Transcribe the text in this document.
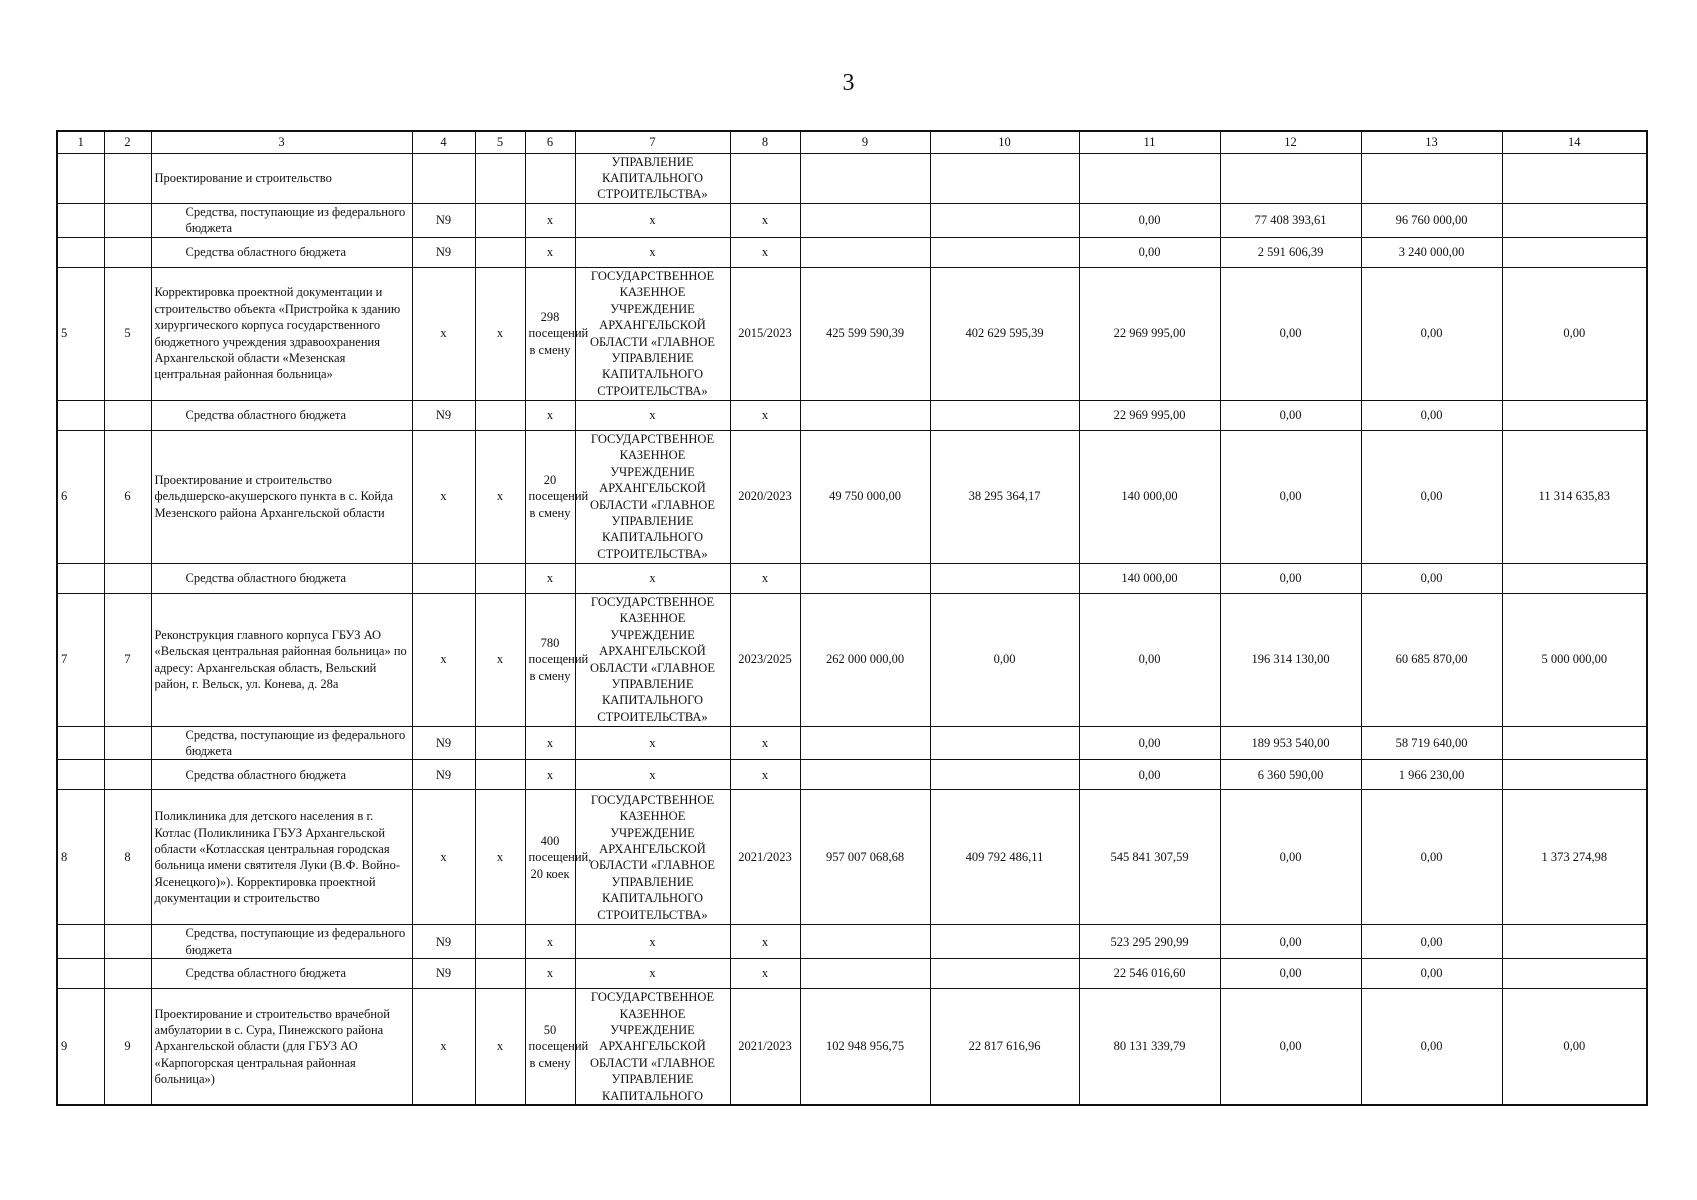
3
1	2	3	4	5	6	7	8	9	10	11	12	13	14
		Проектирование и строительство				УПРАВЛЕНИЕ КАПИТАЛЬНОГО СТРОИТЕЛЬСТВА»							
		Средства, поступающие из федерального бюджета	N9		x	x	x			0,00	77 408 393,61	96 760 000,00	
		Средства областного бюджета	N9		x	x	x			0,00	2 591 606,39	3 240 000,00	
5	5	Корректировка проектной документации и строительство объекта «Пристройка к зданию хирургического корпуса государственного бюджетного учреждения здравоохранения Архангельской области «Мезенская центральная районная больница»	x	x	298 посещений в смену	ГОСУДАРСТВЕННОЕ КАЗЕННОЕ УЧРЕЖДЕНИЕ АРХАНГЕЛЬСКОЙ ОБЛАСТИ «ГЛАВНОЕ УПРАВЛЕНИЕ КАПИТАЛЬНОГО СТРОИТЕЛЬСТВА»	2015/2023	425 599 590,39	402 629 595,39	22 969 995,00	0,00	0,00	0,00
		Средства областного бюджета	N9		x	x	x			22 969 995,00	0,00	0,00	
6	6	Проектирование и строительство фельдшерско-акушерского пункта в с. Койда Мезенского района Архангельской области	x	x	20 посещений в смену	ГОСУДАРСТВЕННОЕ КАЗЕННОЕ УЧРЕЖДЕНИЕ АРХАНГЕЛЬСКОЙ ОБЛАСТИ «ГЛАВНОЕ УПРАВЛЕНИЕ КАПИТАЛЬНОГО СТРОИТЕЛЬСТВА»	2020/2023	49 750 000,00	38 295 364,17	140 000,00	0,00	0,00	11 314 635,83
		Средства областного бюджета			x	x	x			140 000,00	0,00	0,00	
7	7	Реконструкция главного корпуса ГБУЗ АО «Вельская центральная районная больница» по адресу: Архангельская область, Вельский район, г. Вельск, ул. Конева, д. 28а	x	x	780 посещений в смену	ГОСУДАРСТВЕННОЕ КАЗЕННОЕ УЧРЕЖДЕНИЕ АРХАНГЕЛЬСКОЙ ОБЛАСТИ «ГЛАВНОЕ УПРАВЛЕНИЕ КАПИТАЛЬНОГО СТРОИТЕЛЬСТВА»	2023/2025	262 000 000,00	0,00	0,00	196 314 130,00	60 685 870,00	5 000 000,00
		Средства, поступающие из федерального бюджета	N9		x	x	x			0,00	189 953 540,00	58 719 640,00	
		Средства областного бюджета	N9		x	x	x			0,00	6 360 590,00	1 966 230,00	
8	8	Поликлиника для детского населения в г. Котлас (Поликлиника ГБУЗ Архангельской области «Котласская центральная городская больница имени святителя Луки (В.Ф. Войно-Ясенецкого)»). Корректировка проектной документации и строительство	x	x	400 посещений, 20 коек	ГОСУДАРСТВЕННОЕ КАЗЕННОЕ УЧРЕЖДЕНИЕ АРХАНГЕЛЬСКОЙ ОБЛАСТИ «ГЛАВНОЕ УПРАВЛЕНИЕ КАПИТАЛЬНОГО СТРОИТЕЛЬСТВА»	2021/2023	957 007 068,68	409 792 486,11	545 841 307,59	0,00	0,00	1 373 274,98
		Средства, поступающие из федерального бюджета	N9		x	x	x			523 295 290,99	0,00	0,00	
		Средства областного бюджета	N9		x	x	x			22 546 016,60	0,00	0,00	
9	9	Проектирование и строительство врачебной амбулатории в с. Сура, Пинежского района Архангельской области (для ГБУЗ АО «Карпогорская центральная районная больница»)	x	x	50 посещений в смену	ГОСУДАРСТВЕННОЕ КАЗЕННОЕ УЧРЕЖДЕНИЕ АРХАНГЕЛЬСКОЙ ОБЛАСТИ «ГЛАВНОЕ УПРАВЛЕНИЕ КАПИТАЛЬНОГО	2021/2023	102 948 956,75	22 817 616,96	80 131 339,79	0,00	0,00	0,00
